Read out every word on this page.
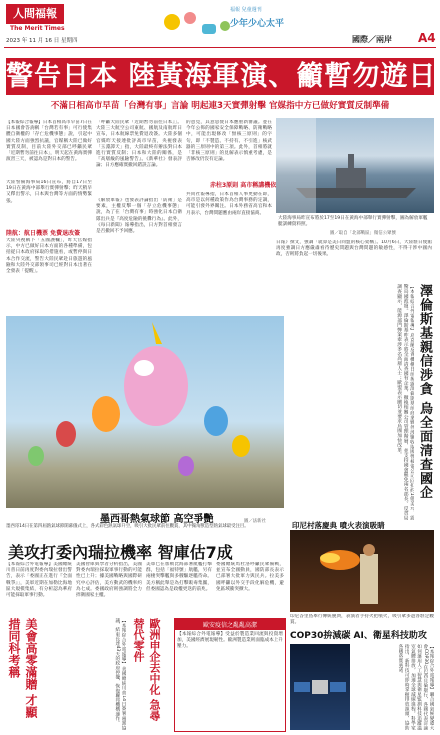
人間福報
The Merit Times
2023 年 11 月 16 日 星期四
福報 兒童週刊
少年少心太平
國際／兩岸 A4
警告日本 陸黃海軍演、籲暫勿遊日
不滿日相高市早苗「台灣有事」言論 明起連3天實彈射擊 官媒指中方已做好實質反制準備
【本報綜合報導】日本首相高市早苗7日在日本國會答詢稱「台灣若有事」可行使集體自衛權的「存亡危機事態」說，引起中國大陸方面強烈抗議，官媒稱大陸已做好實質反制，目前大陸外交部已呼籲民眾「近期暫勿前往日本」，明天起在黃海實彈演習三天，被認為是對日本的警告。
大陸警備海事局16日宣布，將自17日至19日在黃海中部舉行實彈射擊；昨天稍早又釋出警示，日本與台灣等方面的情勢緊張。
陸航：航日機票 免費退改簽
大陸央視稱下「五國護欄」，昨天官媒指示，中方已做好日本方面的各種準備，包括從日本政府採取的措施看，或暫停與日本合作交流，警告大陸民眾赴日旅遊的風險和大陸外交部領事司已經對日本出著在全發表「提醒」。
「呼籲大陸民眾『近期暫勿前往日本』」。大陸三大航空公司東航、國航及南航昨日宣布，日本航線票免費退改簽。大陸多個官媒昨天接連批評高市早苗，央視發表「玉淵譚天」指，大陸最終有辦法對日本進行實質反制；日本和大陸的關係，是『高層級的風險警告』。《新華社》發表評論；日方應確實撤回錯誤言論。
赤柱3原則 高市稱講機依
《解放軍報》也發表評論指出「防衛」是要素，主權反擊一個「存立危機事態」說，為了在「台灣有事」時強化日本自衛隊出兵是『高度危險的挑釁行為』。此外，《每日新聞》報導指出，日方對首相發言是否撤回不予回應。
的意見，其意思使日本應重新審議。並在今年公佈的國家安全保障戰略、防衛戰略中，可能出現修改「無核三原則」的字句，即「不製造、不持有、不引進」核武器的三原則中的第三項。此外，首相將就「非核三原則」的見解表示慎重考慮，是否修改仍沒有定論。
共同社報導指，日本首相人事更動在即，高市是以何種政策作為台灣事務的定調，可能引發外界關注。日本外務省高官和本月表示，台灣問題應由兩岸直接協商。
大陸海事局昨宣布將於17至19日在黃海中部舉行實彈射擊，圖為解放軍艦艇訓練資料照。
圖／取自「北部戰區」微信公眾號
日報》撰文，強調「就算是美日同盟的核心架構」。10月6日，大陸駐日使館再度強調日方應嚴肅看待歷史問題與台灣問題的敏感性，不得干涉中國內政，否則將負起一切後果。
澤倫斯基親信涉貪 烏全面清查國企
【本報綜合外電報導】烏克蘭反貪機構日前揭露澤倫斯基前商業夥伴涉嫌收取國營核電公司回扣約1億美元，震驚烏國政壇。澤倫斯基昨表示將全面清查國有企業，撤換相關公司管理階層，並支持國會罷免兩名部長。反貪局調查顯示，能源部門弊案牽涉多名高層人士；歐盟表示關切並要求烏國加快改革。
墨西哥熱氣球節 高空爭艷
墨西哥14日在第四屆熱氣球節開幕儀式上，各式彩色熱氣球升空，吸引大批民眾前往觀賞，其中獨角獸造型熱氣球最受注目。
圖／法新社
美攻打委內瑞拉機率 智庫估7成
【本報綜合外電報導】美國總統川普日前再度對委內瑞拉發出警告，表示「委國正在進行『全面戰爭』」，美軍近期在加勒比海地區大規模集結，有分析認為華府可能採取軍事行動。
美國智庫與學者分析指出，美國對委內瑞拉採取軍事行動的可能性已上升；據美國戰略與國際研究中心評估，美方動武的機率約為七成。委國政府則強調將全力捍衛國家主權。
美軍已在加勒比海部署航艦打擊群，包括「福特號」航艦，另有兩棲突擊艦與多艘驅逐艦待命。美方稱此舉是為打擊販毒集團，但委國認為是政權更迭的前兆。
委國總統馬杜洛呼籲民眾備戰，並宣布全國動員，國防部長表示已部署大批軍力與民兵。拉美多國呼籲以外交手段化解危機，避免區域衝突擴大。
美會高零滿贈 才顯措同科考稱	【本報綜合外電報導】美國總統川普14日簽署兩黨協議，結束長達43天的政府停擺，恢復聯邦機構運作。	歐洲申企去中化 急尋替代零件	歐安疫信之亂亂高潔
【本報綜合外電報導】受益於製造業回流與投資增加，美國經濟展現韌性。歐洲製造業則面臨成本上升壓力。
印尼村落慶典 噴火表演吸睛
印尼峇里島舉行傳統慶典，表演者手持火把噴火，吸引眾多遊客駐足觀賞。
COP30拚減碳 AI、衛星科技助攻
【本報綜合外電報導】聯合國氣候變遷大會COP30在巴西貝倫舉行，各國代表討論如何運用人工智慧與衛星監測科技追蹤溫室氣體排放，加速全球減碳進程。科學家指出，新科技可即時掌握排放源頭，協助各國落實承諾。
